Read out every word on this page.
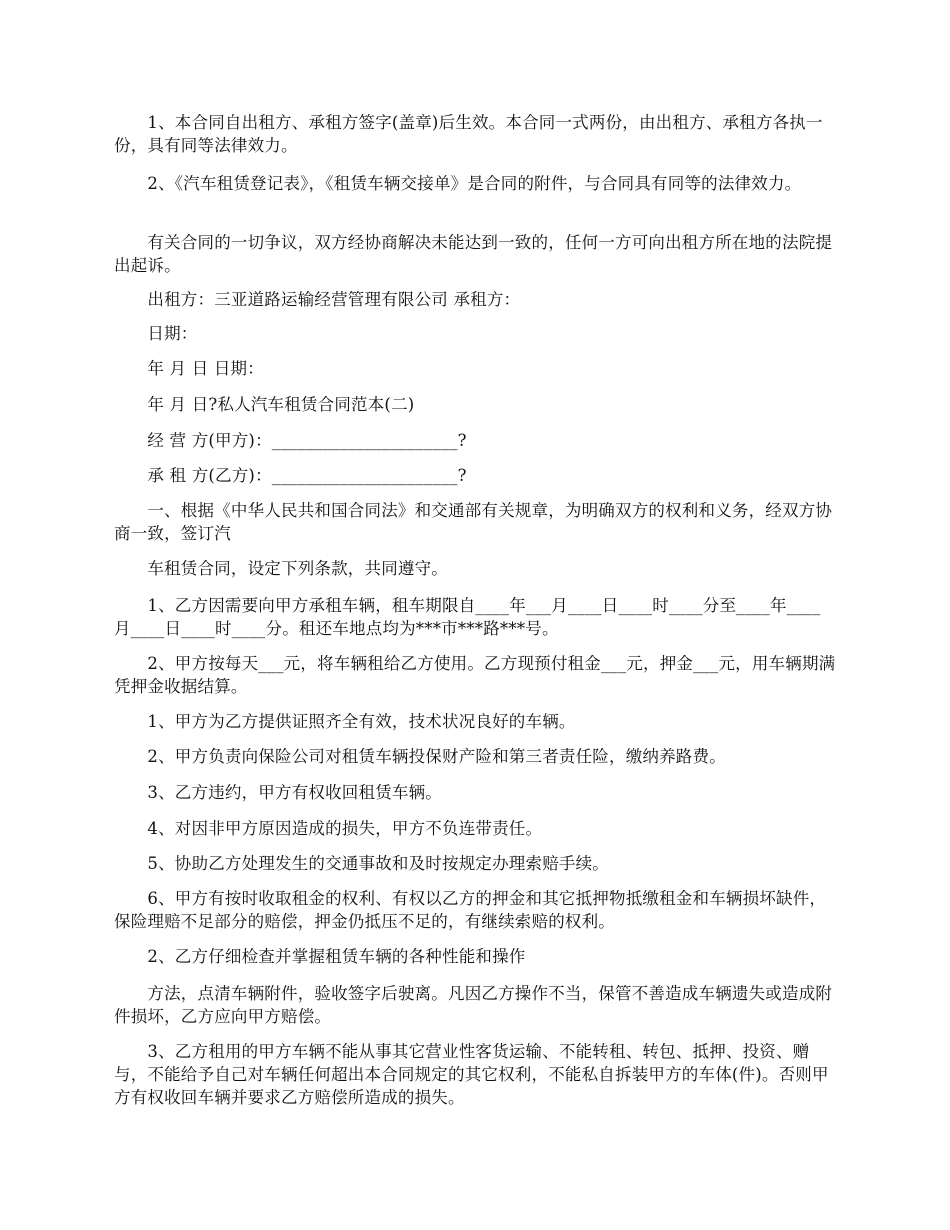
　　1、本合同自出租方、承租方签字(盖章)后生效。本合同一式两份，由出租方、承租方各执一份，具有同等法律效力。

　　2、《汽车租赁登记表》，《租赁车辆交接单》是合同的附件，与合同具有同等的法律效力。

　　有关合同的一切争议，双方经协商解决未能达到一致的，任何一方可向出租方所在地的法院提出起诉。

　　出租方：三亚道路运输经营管理有限公司 承租方：

　　日期：

　　年 月 日 日期：

　　年 月 日?私人汽车租赁合同范本(二)

　　经 营 方(甲方)：______________________?

　　承 租 方(乙方)：______________________?

　　一、根据《中华人民共和国合同法》和交通部有关规章，为明确双方的权利和义务，经双方协商一致，签订汽

　　车租赁合同，设定下列条款，共同遵守。

　　1、乙方因需要向甲方承租车辆，租车期限自____年___月____日____时____分至____年____月____日____时____分。租还车地点均为***市***路***号。

　　2、甲方按每天___元，将车辆租给乙方使用。乙方现预付租金___元，押金___元，用车辆期满凭押金收据结算。

　　1、甲方为乙方提供证照齐全有效，技术状况良好的车辆。

　　2、甲方负责向保险公司对租赁车辆投保财产险和第三者责任险，缴纳养路费。

　　3、乙方违约，甲方有权收回租赁车辆。

　　4、对因非甲方原因造成的损失，甲方不负连带责任。

　　5、协助乙方处理发生的交通事故和及时按规定办理索赔手续。

　　6、甲方有按时收取租金的权利、有权以乙方的押金和其它抵押物抵缴租金和车辆损坏缺件，保险理赔不足部分的赔偿，押金仍抵压不足的，有继续索赔的权利。

　　2、乙方仔细检查并掌握租赁车辆的各种性能和操作

　　方法，点清车辆附件，验收签字后驶离。凡因乙方操作不当，保管不善造成车辆遗失或造成附件损坏，乙方应向甲方赔偿。

　　3、乙方租用的甲方车辆不能从事其它营业性客货运输、不能转租、转包、抵押、投资、赠与，不能给予自己对车辆任何超出本合同规定的其它权利，不能私自拆装甲方的车体(件)。否则甲方有权收回车辆并要求乙方赔偿所造成的损失。
